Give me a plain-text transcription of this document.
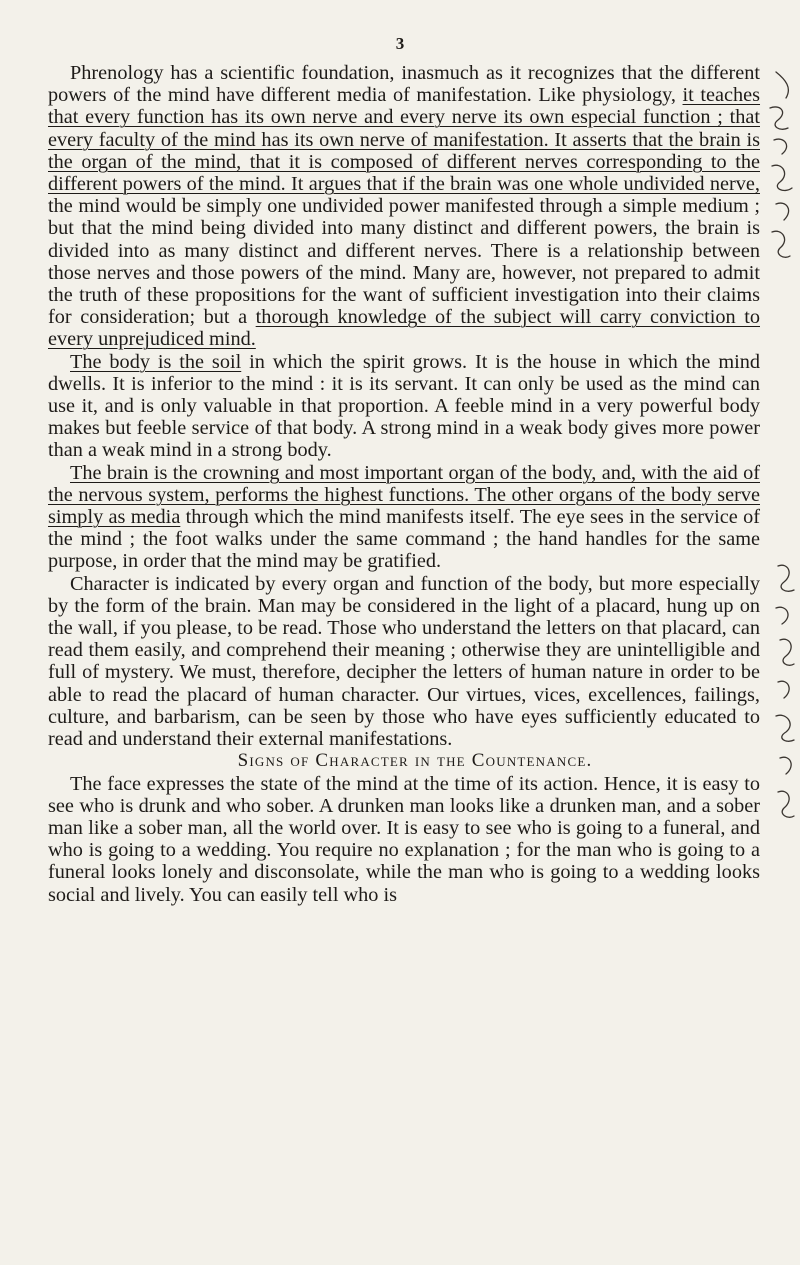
3

Phrenology has a scientific foundation, inasmuch as it recognizes that the different powers of the mind have different media of manifestation. Like physiology, it teaches that every function has its own nerve and every nerve its own especial function ; that every faculty of the mind has its own nerve of manifestation. It asserts that the brain is the organ of the mind, that it is composed of different nerves corresponding to the different powers of the mind. It argues that if the brain was one whole undivided nerve, the mind would be simply one undivided power manifested through a simple medium ; but that the mind being divided into many distinct and different powers, the brain is divided into as many distinct and different nerves. There is a relationship between those nerves and those powers of the mind. Many are, however, not prepared to admit the truth of these propositions for the want of sufficient investigation into their claims for consideration; but a thorough knowledge of the subject will carry conviction to every unprejudiced mind.

The body is the soil in which the spirit grows. It is the house in which the mind dwells. It is inferior to the mind : it is its servant. It can only be used as the mind can use it, and is only valuable in that proportion. A feeble mind in a very powerful body makes but feeble service of that body. A strong mind in a weak body gives more power than a weak mind in a strong body.

The brain is the crowning and most important organ of the body, and, with the aid of the nervous system, performs the highest functions. The other organs of the body serve simply as media through which the mind manifests itself. The eye sees in the service of the mind ; the foot walks under the same command ; the hand handles for the same purpose, in order that the mind may be gratified.

Character is indicated by every organ and function of the body, but more especially by the form of the brain. Man may be considered in the light of a placard, hung up on the wall, if you please, to be read. Those who understand the letters on that placard, can read them easily, and comprehend their meaning ; otherwise they are unintelligible and full of mystery. We must, therefore, decipher the letters of human nature in order to be able to read the placard of human character. Our virtues, vices, excellences, failings, culture, and barbarism, can be seen by those who have eyes sufficiently educated to read and understand their external manifestations.

Signs of Character in the Countenance.

The face expresses the state of the mind at the time of its action. Hence, it is easy to see who is drunk and who sober. A drunken man looks like a drunken man, and a sober man like a sober man, all the world over. It is easy to see who is going to a funeral, and who is going to a wedding. You require no explanation ; for the man who is going to a funeral looks lonely and disconsolate, while the man who is going to a wedding looks social and lively. You can easily tell who is
